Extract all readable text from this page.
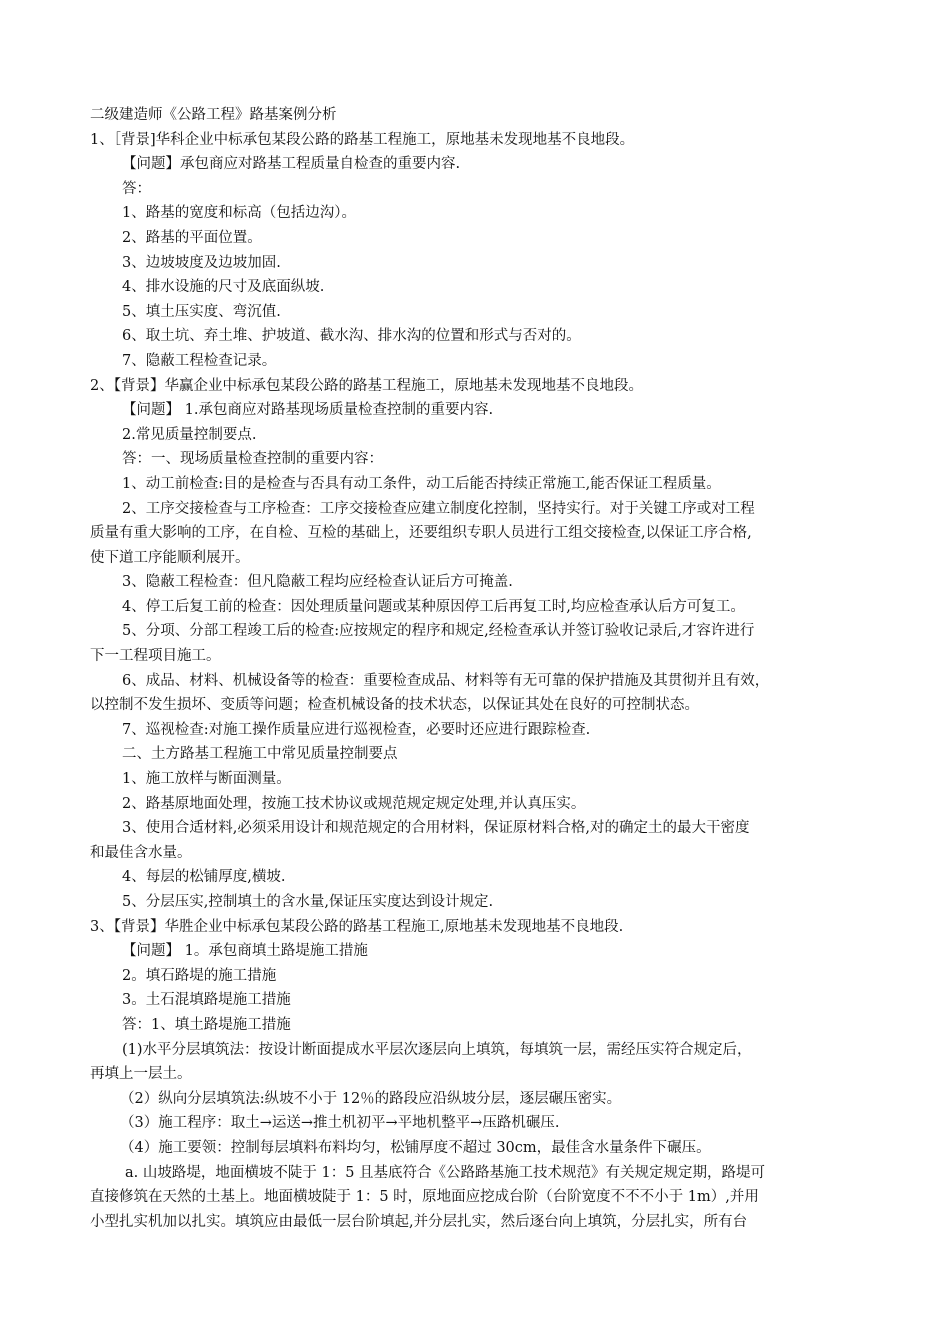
二级建造师《公路工程》路基案例分析
1、［背景]华科企业中标承包某段公路的路基工程施工，原地基未发现地基不良地段。
【问题】承包商应对路基工程质量自检查的重要内容.
答：
1、路基的宽度和标高（包括边沟）。
2、路基的平面位置。
3、边坡坡度及边坡加固.
4、排水设施的尺寸及底面纵坡.
5、填土压实度、弯沉值.
6、取土坑、弃土堆、护坡道、截水沟、排水沟的位置和形式与否对的。
7、隐蔽工程检查记录。
2、【背景】华赢企业中标承包某段公路的路基工程施工，原地基未发现地基不良地段。
【问题】 1.承包商应对路基现场质量检查控制的重要内容.
2.常见质量控制要点.
答：一、现场质量检查控制的重要内容：
1、动工前检查:目的是检查与否具有动工条件，动工后能否持续正常施工,能否保证工程质量。
2、工序交接检查与工序检查：工序交接检查应建立制度化控制，坚持实行。对于关键工序或对工程
质量有重大影响的工序，在自检、互检的基础上，还要组织专职人员进行工组交接检查,以保证工序合格,
使下道工序能顺利展开。
3、隐蔽工程检查：但凡隐蔽工程均应经检查认证后方可掩盖.
4、停工后复工前的检查：因处理质量问题或某种原因停工后再复工时,均应检查承认后方可复工。
5、分项、分部工程竣工后的检查:应按规定的程序和规定,经检查承认并签订验收记录后,才容许进行
下一工程项目施工。
6、成品、材料、机械设备等的检查：重要检查成品、材料等有无可靠的保护措施及其贯彻并且有效，
以控制不发生损坏、变质等问题；检查机械设备的技术状态，以保证其处在良好的可控制状态。
7、巡视检查:对施工操作质量应进行巡视检查，必要时还应进行跟踪检查.
二、土方路基工程施工中常见质量控制要点
1、施工放样与断面测量。
2、路基原地面处理，按施工技术协议或规范规定规定处理,并认真压实。
3、使用合适材料,必须采用设计和规范规定的合用材料，保证原材料合格,对的确定土的最大干密度
和最佳含水量。
4、每层的松铺厚度,横坡.
5、分层压实,控制填土的含水量,保证压实度达到设计规定.
3、【背景】华胜企业中标承包某段公路的路基工程施工,原地基未发现地基不良地段.
【问题】 1。承包商填土路堤施工措施
2。填石路堤的施工措施
3。土石混填路堤施工措施
答：1、填土路堤施工措施
(1)水平分层填筑法：按设计断面提成水平层次逐层向上填筑，每填筑一层，需经压实符合规定后，
再填上一层土。
（2）纵向分层填筑法:纵坡不小于 12％的路段应沿纵坡分层，逐层碾压密实。
（3）施工程序：取土→运送→推土机初平→平地机整平→压路机碾压.
（4）施工要领：控制每层填料布料均匀，松铺厚度不超过 30cm，最佳含水量条件下碾压。
a. 山坡路堤，地面横坡不陡于 1：5 且基底符合《公路路基施工技术规范》有关规定规定期，路堤可
直接修筑在天然的土基上。地面横坡陡于 1：5 时，原地面应挖成台阶（台阶宽度不不不小于 1m）,并用
小型扎实机加以扎实。填筑应由最低一层台阶填起,并分层扎实，然后逐台向上填筑，分层扎实，所有台
